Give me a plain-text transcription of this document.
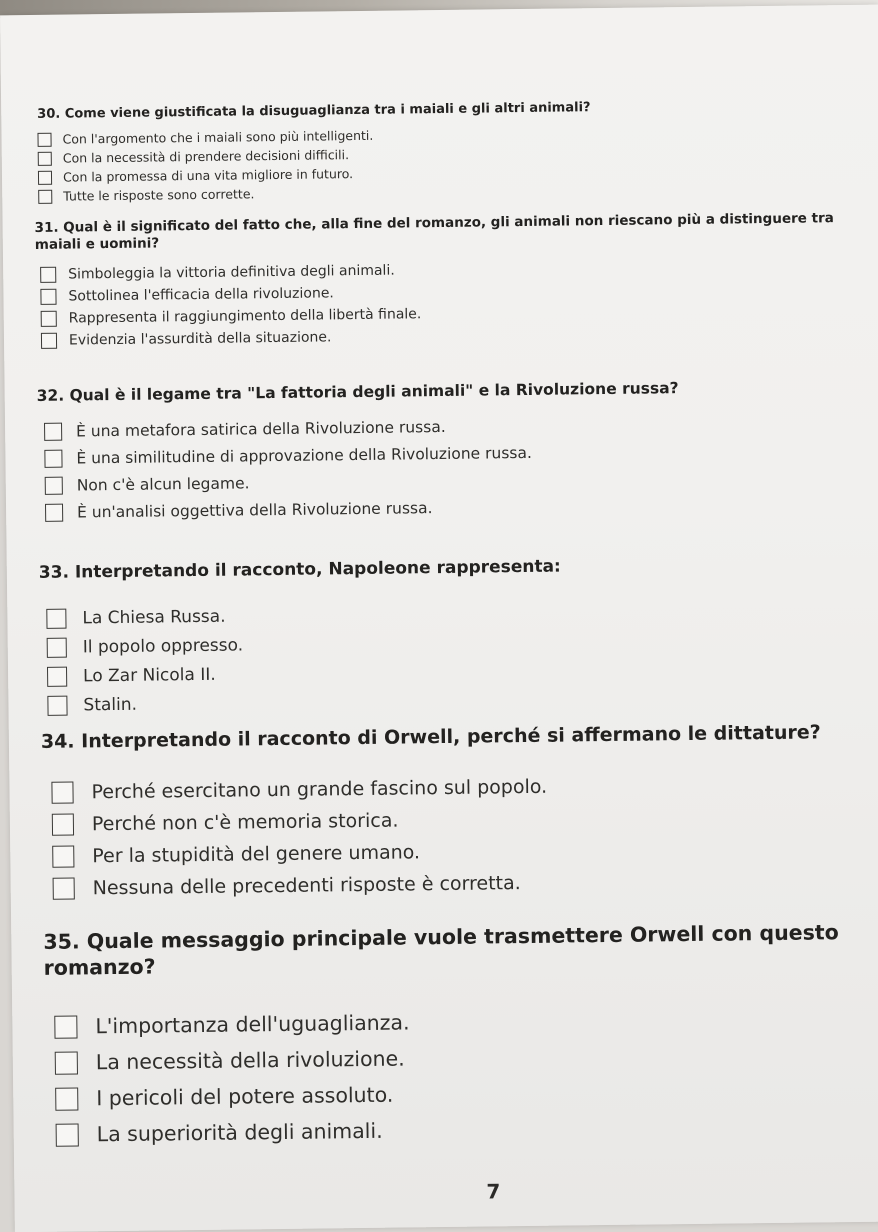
30. Come viene giustificata la disuguaglianza tra i maiali e gli altri animali?

Con l'argomento che i maiali sono più intelligenti.
Con la necessità di prendere decisioni difficili.
Con la promessa di una vita migliore in futuro.
Tutte le risposte sono corrette.

31. Qual è il significato del fatto che, alla fine del romanzo, gli animali non riescano più a distinguere tra maiali e uomini?

Simboleggia la vittoria definitiva degli animali.
Sottolinea l'efficacia della rivoluzione.
Rappresenta il raggiungimento della libertà finale.
Evidenzia l'assurdità della situazione.

32. Qual è il legame tra "La fattoria degli animali" e la Rivoluzione russa?

È una metafora satirica della Rivoluzione russa.
È una similitudine di approvazione della Rivoluzione russa.
Non c'è alcun legame.
È un'analisi oggettiva della Rivoluzione russa.

33. Interpretando il racconto, Napoleone rappresenta:

La Chiesa Russa.
Il popolo oppresso.
Lo Zar Nicola II.
Stalin.

34. Interpretando il racconto di Orwell, perché si affermano le dittature?

Perché esercitano un grande fascino sul popolo.
Perché non c'è memoria storica.
Per la stupidità del genere umano.
Nessuna delle precedenti risposte è corretta.

35. Quale messaggio principale vuole trasmettere Orwell con questo romanzo?

L'importanza dell'uguaglianza.
La necessità della rivoluzione.
I pericoli del potere assoluto.
La superiorità degli animali.
7
